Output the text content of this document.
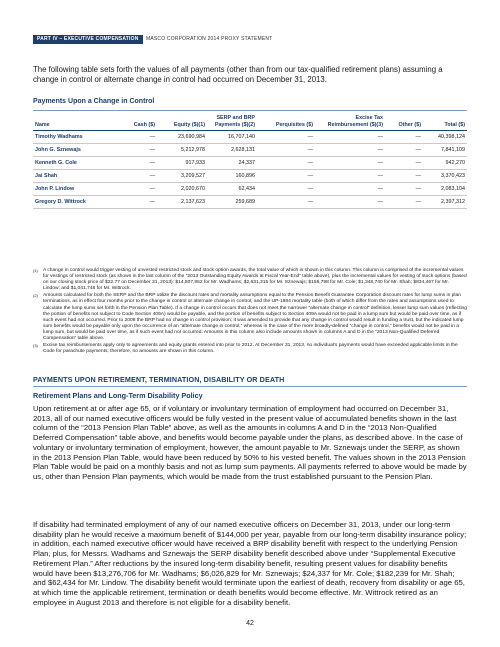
PART IV – EXECUTIVE COMPENSATION	MASCO CORPORATION 2014 PROXY STATEMENT

The following table sets forth the values of all payments (other than from our tax-qualified retirement plans) assuming a change in control or alternate change in control had occurred on December 31, 2013.

Payments Upon a Change in Control
Name	Cash ($)	Equity ($)(1)	SERP and BRP Payments ($)(2)	Perquisites ($)	Excise Tax Reimbursement ($)(3)	Other ($)	Total ($)
Timothy Wadhams	—	23,690,984	16,707,140	—	—	—	40,398,124
John G. Sznewajs	—	5,212,978	2,628,131	—	—	—	7,841,109
Kenneth G. Cole	—	917,933	24,337	—	—	—	942,270
Jai Shah	—	3,209,527	160,896	—	—	—	3,370,423
John P. Lindow	—	2,020,670	62,434	—	—	—	2,083,104
Gregory D. Wittrock	—	2,137,623	259,689	—	—	—	2,397,312

(1) A change in control would trigger vesting of unvested restricted stock and stock option awards, the total value of which is shown in this column. This column is comprised of the incremental values for vestings of restricted stock (as shown in the last column of the “2013 Outstanding Equity Awards at Fiscal Year-End” table above), plus the incremental values for vesting of stock options (based on our closing stock price of $22.77 on December 31, 2013): $14,807,952 for Mr. Wadhams; $2,631,315 for Mr. Sznewajs; $155,798 for Mr. Cole; $1,348,740 for Mr. Shah; $834,467 for Mr. Lindow; and $1,041,748 for Mr. Wittrock.

(2) Amounts calculated for both the SERP and the BRP utilize the discount rates and mortality assumptions equal to the Pension Benefit Guarantee Corporation discount rates for lump sums in plan terminations, as in effect four months prior to the change in control or alternate change in control, and the UP-1984 mortality table (both of which differ from the rates and assumptions used to calculate the lump sums set forth in the Pension Plan Table). If a change in control occurs that does not meet the narrower “alternate change in control” definition, lesser lump sum values (reflecting the portion of benefits not subject to Code Section 409A) would be payable, and the portion of benefits subject to Section 409A would not be paid in a lump sum but would be paid over time, as if such event had not occurred. Prior to 2008 the BRP had no change in control provision; it was amended to provide that any change in control would result in funding a trust, but the indicated lump sum benefits would be payable only upon the occurrence of an “alternate change in control,” whereas in the case of the more broadly-defined “change in control,” benefits would not be paid in a lump sum, but would be paid over time, as if such event had not occurred. Amounts in this column also include amounts shown in columns A and D in the “2013 Non-Qualified Deferred Compensation” table above.

(3) Excise tax reimbursements apply only to agreements and equity grants entered into prior to 2012. At December 31, 2013, no individual’s payments would have exceeded applicable limits in the Code for parachute payments; therefore, no amounts are shown in this column.

PAYMENTS UPON RETIREMENT, TERMINATION, DISABILITY OR DEATH
Retirement Plans and Long-Term Disability Policy

Upon retirement at or after age 65, or if voluntary or involuntary termination of employment had occurred on December 31, 2013, all of our named executive officers would be fully vested in the present value of accumulated benefits shown in the last column of the “2013 Pension Plan Table” above, as well as the amounts in columns A and D in the “2013 Non-Qualified Deferred Compensation” table above, and benefits would become payable under the plans, as described above. In the case of voluntary or involuntary termination of employment, however, the amount payable to Mr. Sznewajs under the SERP, as shown in the 2013 Pension Plan Table, would have been reduced by 50% to his vested benefit. The values shown in the 2013 Pension Plan Table would be paid on a monthly basis and not as lump sum payments. All payments referred to above would be made by us, other than Pension Plan payments, which would be made from the trust established pursuant to the Pension Plan.

If disability had terminated employment of any of our named executive officers on December 31, 2013, under our long-term disability plan he would receive a maximum benefit of $144,000 per year, payable from our long-term disability insurance policy; in addition, each named executive officer would have received a BRP disability benefit with respect to the underlying Pension Plan, plus, for Messrs. Wadhams and Sznewajs the SERP disability benefit described above under “Supplemental Executive Retirement Plan.” After reductions by the insured long-term disability benefit, resulting present values for disability benefits would have been $13,276,706 for Mr. Wadhams; $6,026,829 for Mr. Sznewajs; $24,337 for Mr. Cole; $182,239 for Mr. Shah; and $62,434 for Mr. Lindow. The disability benefit would terminate upon the earliest of death, recovery from disability or age 65, at which time the applicable retirement, termination or death benefits would become effective. Mr. Wittrock retired as an employee in August 2013 and therefore is not eligible for a disability benefit.

42
